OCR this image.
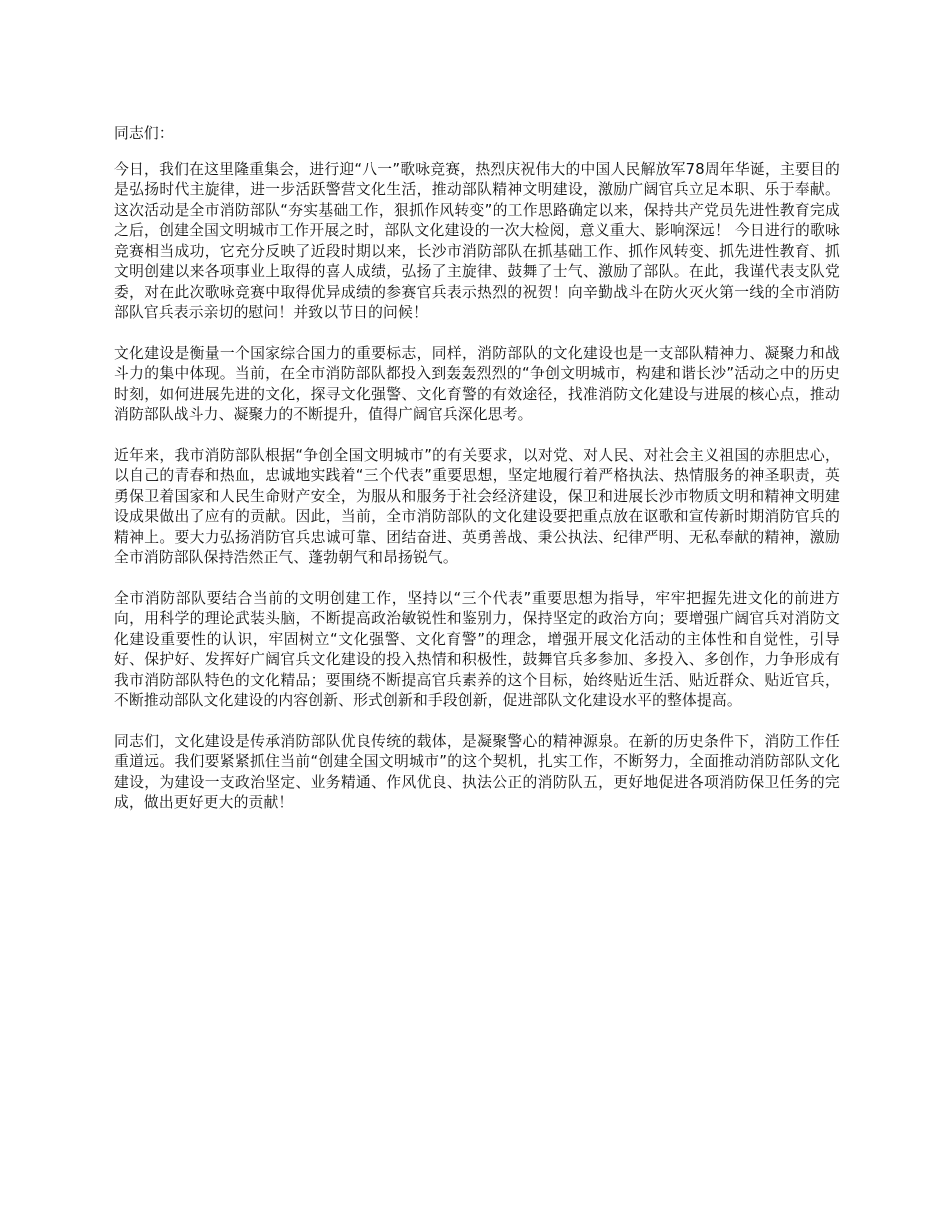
同志们：

今日，我们在这里隆重集会，进行迎“八一”歌咏竞赛，热烈庆祝伟大的中国人民解放军78周年华诞，主要目的是弘扬时代主旋律，进一步活跃警营文化生活，推动部队精神文明建设，激励广阔官兵立足本职、乐于奉献。这次活动是全市消防部队“夯实基础工作，狠抓作风转变”的工作思路确定以来，保持共产党员先进性教育完成之后，创建全国文明城市工作开展之时，部队文化建设的一次大检阅，意义重大、影响深远！ 今日进行的歌咏竞赛相当成功，它充分反映了近段时期以来，长沙市消防部队在抓基础工作、抓作风转变、抓先进性教育、抓文明创建以来各项事业上取得的喜人成绩，弘扬了主旋律、鼓舞了士气、激励了部队。在此，我谨代表支队党委，对在此次歌咏竞赛中取得优异成绩的参赛官兵表示热烈的祝贺！向辛勤战斗在防火灭火第一线的全市消防部队官兵表示亲切的慰问！并致以节日的问候！

文化建设是衡量一个国家综合国力的重要标志，同样，消防部队的文化建设也是一支部队精神力、凝聚力和战斗力的集中体现。当前，在全市消防部队都投入到轰轰烈烈的“争创文明城市，构建和谐长沙”活动之中的历史时刻，如何进展先进的文化，探寻文化强警、文化育警的有效途径，找准消防文化建设与进展的核心点，推动消防部队战斗力、凝聚力的不断提升，值得广阔官兵深化思考。

近年来，我市消防部队根据“争创全国文明城市”的有关要求，以对党、对人民、对社会主义祖国的赤胆忠心，以自己的青春和热血，忠诚地实践着“三个代表”重要思想，坚定地履行着严格执法、热情服务的神圣职责，英勇保卫着国家和人民生命财产安全，为服从和服务于社会经济建设，保卫和进展长沙市物质文明和精神文明建设成果做出了应有的贡献。因此，当前，全市消防部队的文化建设要把重点放在讴歌和宣传新时期消防官兵的精神上。要大力弘扬消防官兵忠诚可靠、团结奋进、英勇善战、秉公执法、纪律严明、无私奉献的精神，激励全市消防部队保持浩然正气、蓬勃朝气和昂扬锐气。

全市消防部队要结合当前的文明创建工作，坚持以“三个代表”重要思想为指导，牢牢把握先进文化的前进方向，用科学的理论武装头脑，不断提高政治敏锐性和鉴别力，保持坚定的政治方向；要增强广阔官兵对消防文化建设重要性的认识，牢固树立“文化强警、文化育警”的理念，增强开展文化活动的主体性和自觉性，引导好、保护好、发挥好广阔官兵文化建设的投入热情和积极性，鼓舞官兵多参加、多投入、多创作，力争形成有我市消防部队特色的文化精品；要围绕不断提高官兵素养的这个目标，始终贴近生活、贴近群众、贴近官兵，不断推动部队文化建设的内容创新、形式创新和手段创新，促进部队文化建设水平的整体提高。

同志们，文化建设是传承消防部队优良传统的载体，是凝聚警心的精神源泉。在新的历史条件下，消防工作任重道远。我们要紧紧抓住当前“创建全国文明城市”的这个契机，扎实工作，不断努力，全面推动消防部队文化建设，为建设一支政治坚定、业务精通、作风优良、执法公正的消防队五，更好地促进各项消防保卫任务的完成，做出更好更大的贡献！
